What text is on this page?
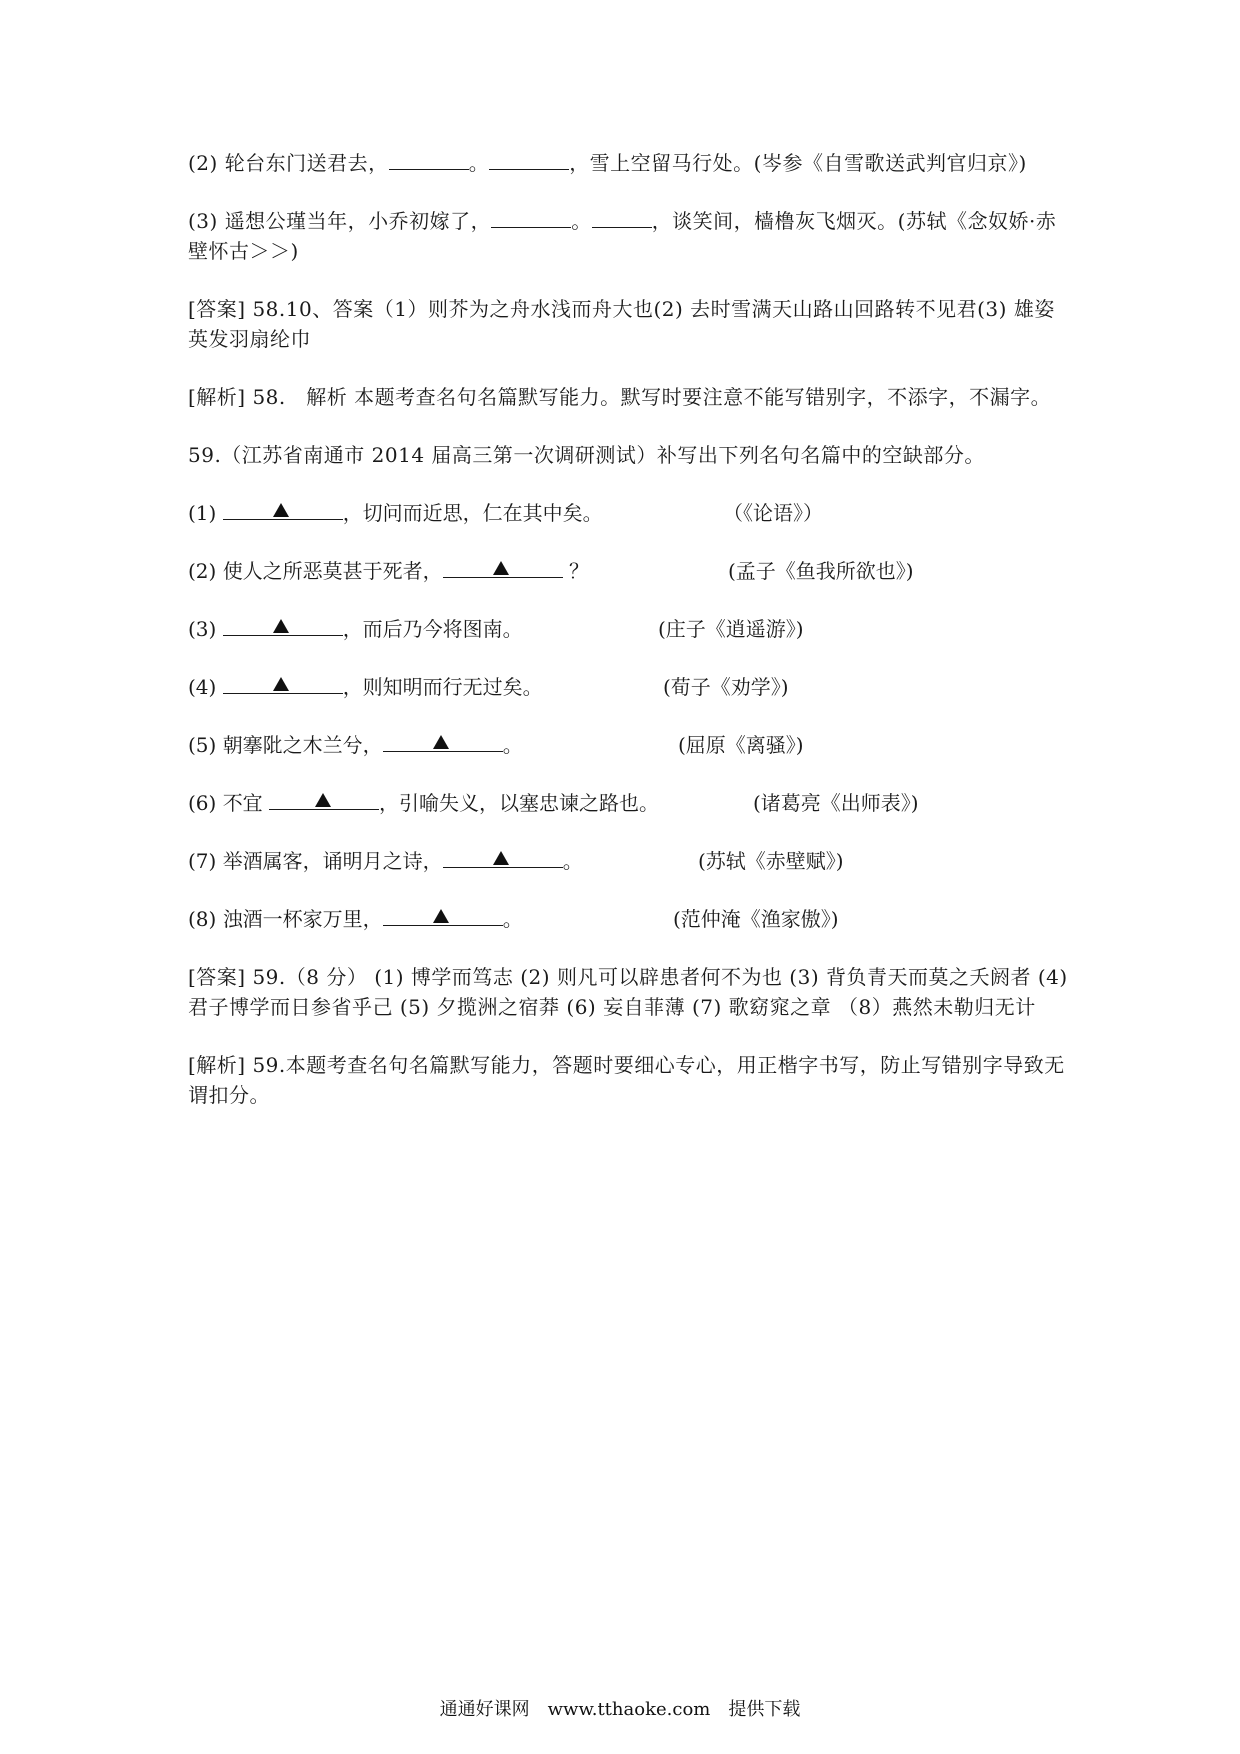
(2) 轮台东门送君去，	。	，雪上空留马行处。(岑参《自雪歌送武判官归京》)

(3) 遥想公瑾当年，小乔初嫁了，	。	，谈笑间，樯橹灰飞烟灭。(苏轼《念奴娇·赤壁怀古＞＞)

[答案] 58.10、答案（1）则芥为之舟水浅而舟大也(2) 去时雪满天山路山回路转不见君(3) 雄姿英发羽扇纶巾

[解析] 58.　解析 本题考查名句名篇默写能力。默写时要注意不能写错别字，不添字，不漏字。

59.（江苏省南通市 2014 届高三第一次调研测试）补写出下列名句名篇中的空缺部分。

(1)	，切问而近思，仁在其中矣。	（《论语》）
(2) 使人之所恶莫甚于死者，	？	(孟子《鱼我所欲也》)
(3)	，而后乃今将图南。	(庄子《逍遥游》)
(4)	，则知明而行无过矣。	(荀子《劝学》)
(5) 朝搴阰之木兰兮，	。	(屈原《离骚》)
(6) 不宜	，引喻失义，以塞忠谏之路也。	(诸葛亮《出师表》)
(7) 举酒属客，诵明月之诗，	。	(苏轼《赤壁赋》)
(8) 浊酒一杯家万里，	。	(范仲淹《渔家傲》)

[答案] 59.（8 分） (1) 博学而笃志 (2) 则凡可以辟患者何不为也 (3) 背负青天而莫之夭阏者 (4) 君子博学而日参省乎己 (5) 夕揽洲之宿莽 (6) 妄自菲薄 (7) 歌窈窕之章 （8）燕然未勒归无计

[解析] 59.本题考查名句名篇默写能力，答题时要细心专心，用正楷字书写，防止写错别字导致无谓扣分。

通通好课网　www.tthaoke.com　提供下载
